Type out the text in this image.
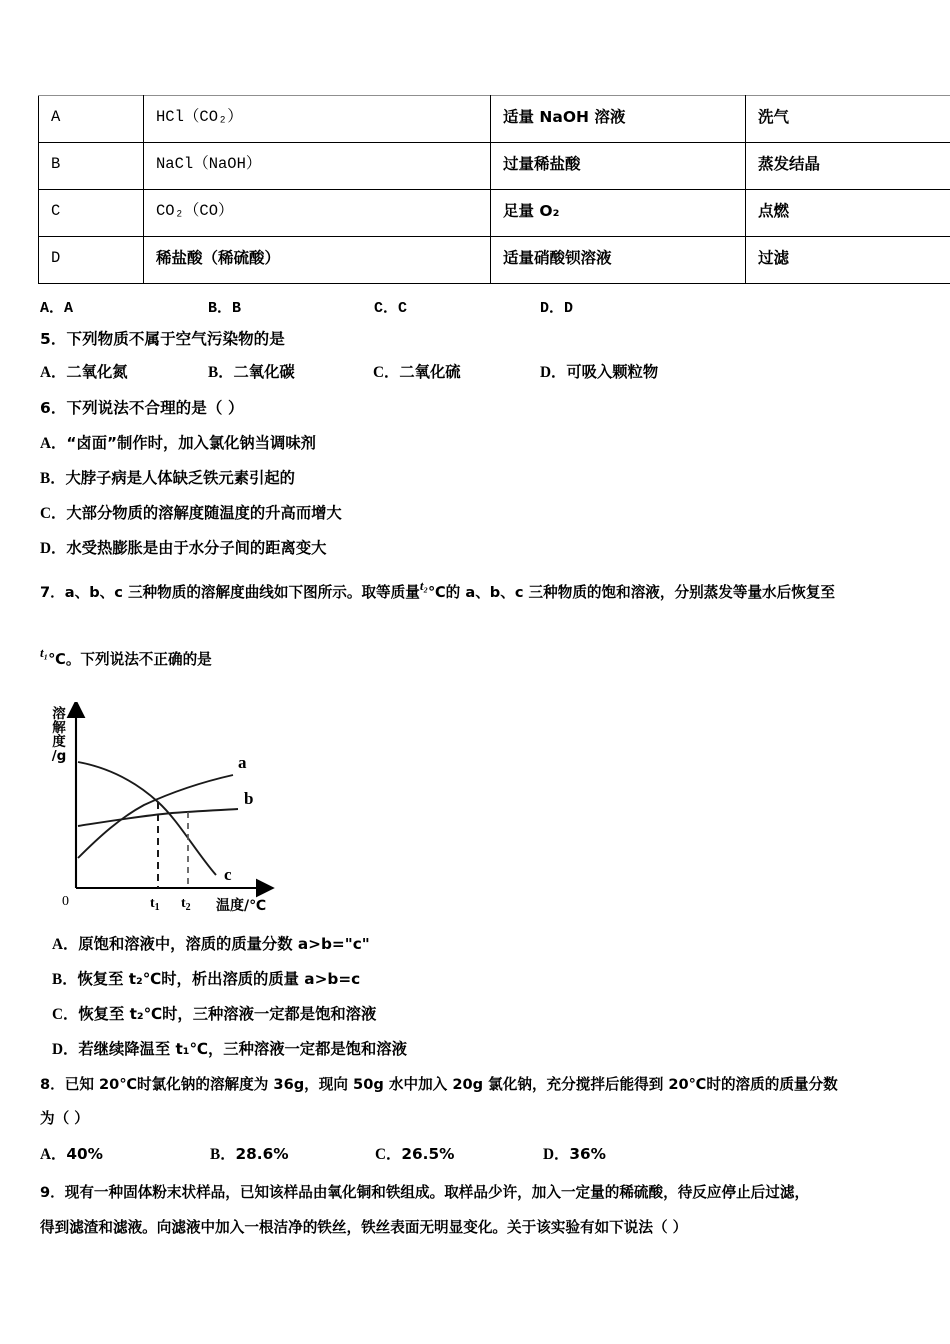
A	HCl（CO₂）	适量 NaOH 溶液	洗气
B	NaCl（NaOH）	过量稀盐酸	蒸发结晶
C	CO₂（CO）	足量 O₂	点燃
D	稀盐酸（稀硫酸）	适量硝酸钡溶液	过滤
A．A	B．B	C．C	D．D
5．下列物质不属于空气污染物的是
A．二氧化氮	B．二氧化碳	C．二氧化硫	D．可吸入颗粒物
6．下列说法不合理的是（ ）
A．“卤面”制作时，加入氯化钠当调味剂
B．大脖子病是人体缺乏铁元素引起的
C．大部分物质的溶解度随温度的升高而增大
D．水受热膨胀是由于水分子间的距离变大
7．a、b、c 三种物质的溶解度曲线如下图所示。取等质量t₂℃的 a、b、c 三种物质的饱和溶液，分别蒸发等量水后恢复至
t₁℃。下列说法不正确的是
溶
解
度
/g	a
b
c
0	$t_1$ $t_2$ 温度/℃
A．原饱和溶液中，溶质的质量分数 a>b="c"
B．恢复至 t₂℃时，析出溶质的质量 a>b=c
C．恢复至 t₂℃时，三种溶液一定都是饱和溶液
D．若继续降温至 t₁℃，三种溶液一定都是饱和溶液
8．已知 20℃时氯化钠的溶解度为 36g，现向 50g 水中加入 20g 氯化钠，充分搅拌后能得到 20℃时的溶质的质量分数
为（ ）
A．40%	B．28.6%	C．26.5%	D．36%
9．现有一种固体粉末状样品，已知该样品由氧化铜和铁组成。取样品少许，加入一定量的稀硫酸，待反应停止后过滤，
得到滤渣和滤液。向滤液中加入一根洁净的铁丝，铁丝表面无明显变化。关于该实验有如下说法（ ）
